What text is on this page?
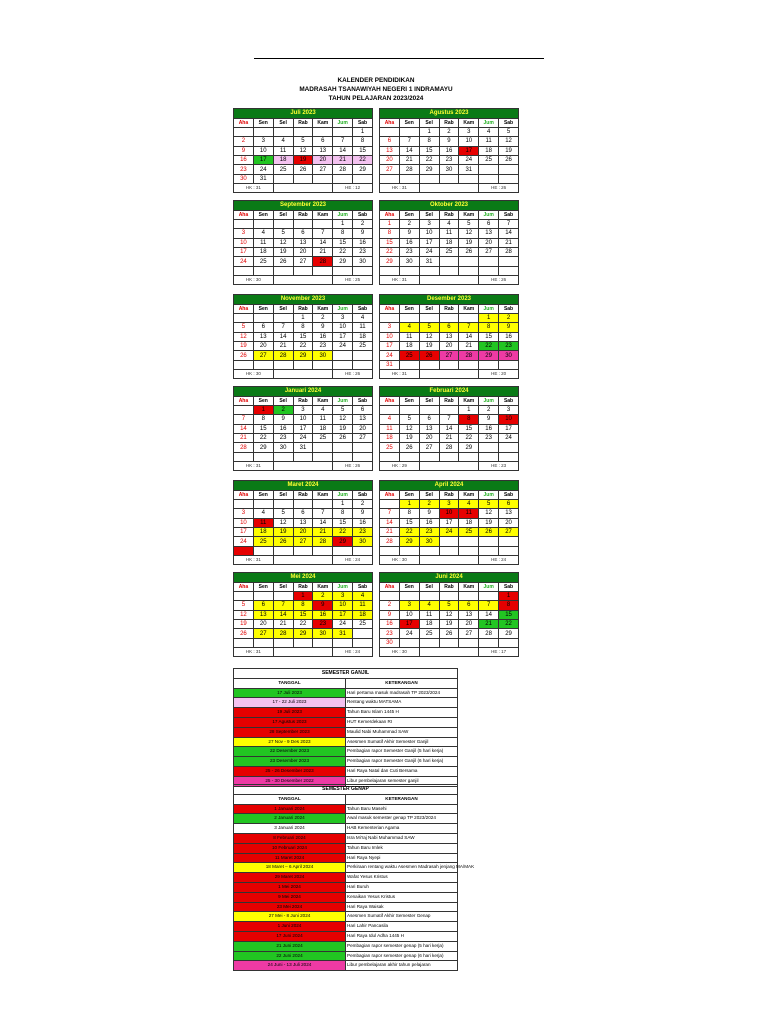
KALENDER PENDIDIKAN
MADRASAH TSANAWIYAH NEGERI 1 INDRAMAYU
TAHUN PELAJARAN 2023/2024
Juli 2023						
Aha	Sen	Sel	Rab	Kam	Jum	Sab
						1
2	3	4	5	6	7	8
9	10	11	12	13	14	15
16	17	18	19	20	21	22
23	24	25	26	27	28	29
30	31					
HK : 31					HE : 12	
Agustus 2023						
Aha	Sen	Sel	Rab	Kam	Jum	Sab
		1	2	3	4	5
6	7	8	9	10	11	12
13	14	15	16	17	18	19
20	21	22	23	24	25	26
27	28	29	30	31		

HK : 31					HE : 26	
September 2023						
Aha	Sen	Sel	Rab	Kam	Jum	Sab
					1	2
3	4	5	6	7	8	9
10	11	12	13	14	15	16
17	18	19	20	21	22	23
24	25	26	27	28	29	30

HK : 30					HE : 25	
Oktober 2023						
Aha	Sen	Sel	Rab	Kam	Jum	Sab
1	2	3	4	5	6	7
8	9	10	11	12	13	14
15	16	17	18	19	20	21
22	23	24	25	26	27	28
29	30	31				

HK : 31					HE : 26	
November 2023						
Aha	Sen	Sel	Rab	Kam	Jum	Sab
			1	2	3	4
5	6	7	8	9	10	11
12	13	14	15	16	17	18
19	20	21	22	23	24	25
26	27	28	29	30		

HK : 30					HE : 26	
Desember 2023						
Aha	Sen	Sel	Rab	Kam	Jum	Sab
					1	2
3	4	5	6	7	8	9
10	11	12	13	14	15	16
17	18	19	20	21	22	23
24	25	26	27	28	29	30
31						
HK : 31					HE : 20	
Januari 2024						
Aha	Sen	Sel	Rab	Kam	Jum	Sab
	1	2	3	4	5	6
7	8	9	10	11	12	13
14	15	16	17	18	19	20
21	22	23	24	25	26	27
28	29	30	31			

HK : 31					HE : 26	
Februari 2024						
Aha	Sen	Sel	Rab	Kam	Jum	Sab
				1	2	3
4	5	6	7	8	9	10
11	12	13	14	15	16	17
18	19	20	21	22	23	24
25	26	27	28	29		

HK : 29					HE : 23	
Maret 2024						
Aha	Sen	Sel	Rab	Kam	Jum	Sab
					1	2
3	4	5	6	7	8	9
10	11	12	13	14	15	16
17	18	19	20	21	22	23
24	25	26	27	28	29	30
31						
HK : 31					HE : 24	
April 2024						
Aha	Sen	Sel	Rab	Kam	Jum	Sab
	1	2	3	4	5	6
7	8	9	10	11	12	13
14	15	16	17	18	19	20
21	22	23	24	25	26	27
28	29	30				

HK : 30					HE : 24	
Mei 2024						
Aha	Sen	Sel	Rab	Kam	Jum	Sab
			1	2	3	4
5	6	7	8	9	10	11
12	13	14	15	16	17	18
19	20	21	22	23	24	25
26	27	28	29	30	31	

HK : 31					HE : 24	
Juni 2024						
Aha	Sen	Sel	Rab	Kam	Jum	Sab
						1
2	3	4	5	6	7	8
9	10	11	12	13	14	15
16	17	18	19	20	21	22
23	24	25	26	27	28	29
30						
HK : 30					HE : 17	
SEMESTER GANJIL	
TANGGAL	KETERANGAN
17 Juli 2023	Hari pertama masuk madrasah TP 2023/2024
17 - 22 Juli 2023	Rentang waktu MATSAMA
19 Juli 2023	Tahun Baru Islam 1445 H
17 Agustus 2023	HUT Kemerdekaan RI
28 September 2023	Maulid Nabi Muhammad SAW
27 Nov - 9 Des 2023	Asesmen Sumatif Akhir Semester Ganjil
22 Desember 2023	Pembagian rapor Semester Ganjil (5 hari kerja)
23 Desember 2023	Pembagian rapor Semester Ganjil (6 hari kerja)
25 - 26 Desember 2023	Hari Raya Natal dan Cuti Bersama
25 - 30 Desember 2022	Libur pembelajaran semester ganjil
SEMESTER GENAP	
TANGGAL	KETERANGAN
1 Januari 2024	Tahun Baru Masehi
2 Januari 2024	Awal masuk semester genap TP 2023/2024
3 Januari 2024	HAB Kementerian Agama
8 Februari 2024	Isra Mi'raj Nabi Muhammad SAW
10 Februari 2024	Tahun Baru Imlek
11 Maret 2024	Hari Raya Nyepi
18 Maret – 6 April 2024	Perkiraan rentang waktu Asesmen Madrasah jenjang MA/MAK
29 Maret 2024	Wafat Yesus Kristus
1 Mei 2024	Hari Buruh
9 Mei 2024	Kenaikan Yesus Kristus
23 Mei 2024	Hari Raya Waisak
27 Mei - 8 Juni 2024	Asesmen Sumatif Akhir Semester Genap
1 Juni 2024	Hari Lahir Pancasila
17 Juni 2024	Hari Raya Idul Adha 1445 H
21 Juni 2024	Pembagian rapor semester genap (5 hari kerja)
22 Juni 2024	Pembagian rapor semester genap (6 hari kerja)
24 Juni - 13 Juli 2024	Libur pembelajaran akhir tahun pelajaran
